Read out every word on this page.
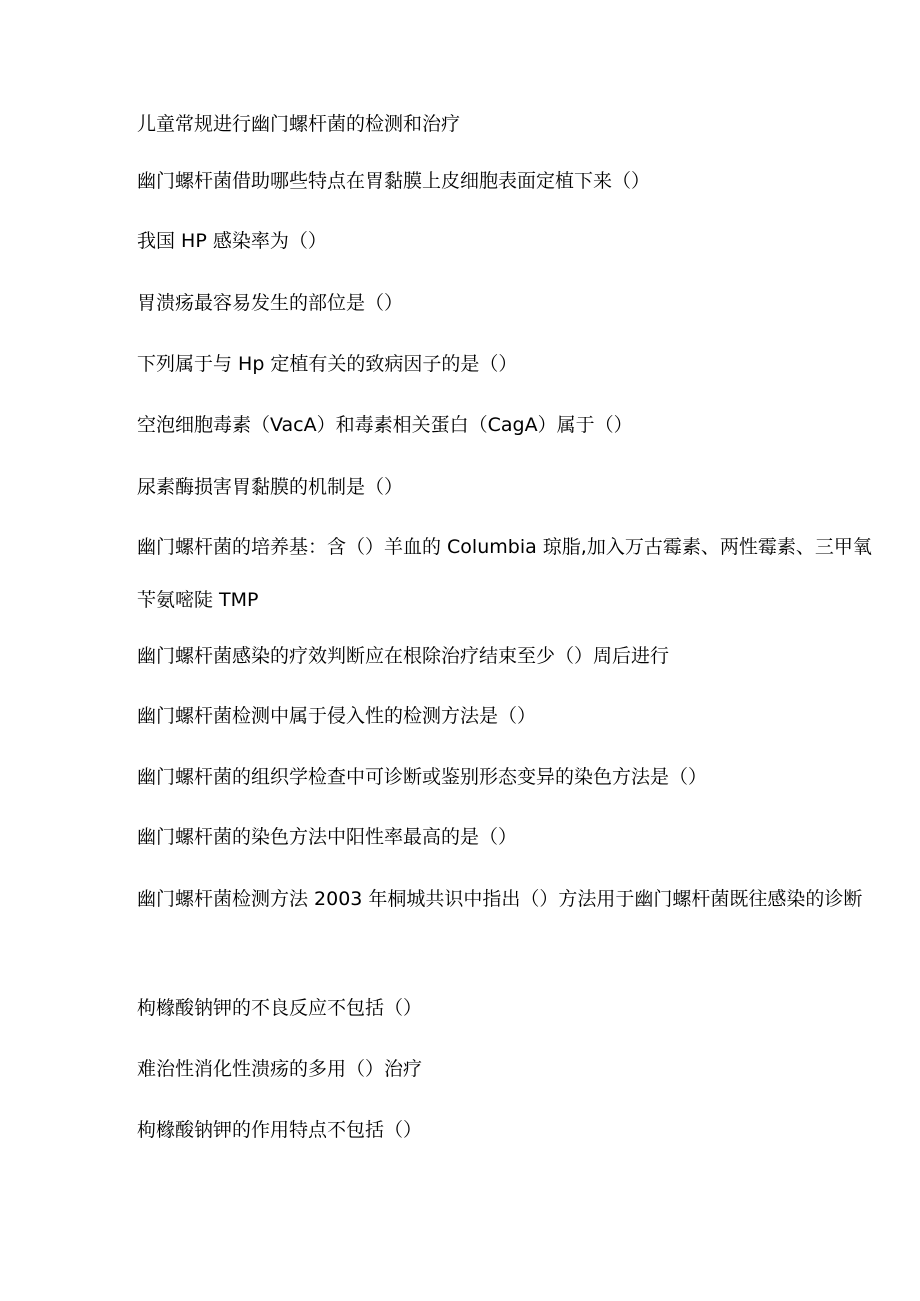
儿童常规进行幽门螺杆菌的检测和治疗
幽门螺杆菌借助哪些特点在胃黏膜上皮细胞表面定植下来（）
我国 HP 感染率为（）
胃溃疡最容易发生的部位是（）
下列属于与 Hp 定植有关的致病因子的是（）
空泡细胞毒素（VacA）和毒素相关蛋白（CagA）属于（）
尿素酶损害胃黏膜的机制是（）
幽门螺杆菌的培养基：含（）羊血的 Columbia 琼脂,加入万古霉素、两性霉素、三甲氧苄氨嘧陡 TMP
幽门螺杆菌感染的疗效判断应在根除治疗结束至少（）周后进行
幽门螺杆菌检测中属于侵入性的检测方法是（）
幽门螺杆菌的组织学检查中可诊断或鉴别形态变异的染色方法是（）
幽门螺杆菌的染色方法中阳性率最高的是（）
幽门螺杆菌检测方法 2003 年桐城共识中指出（）方法用于幽门螺杆菌既往感染的诊断
枸橼酸钠钾的不良反应不包括（）
难治性消化性溃疡的多用（）治疗
枸橼酸钠钾的作用特点不包括（）
